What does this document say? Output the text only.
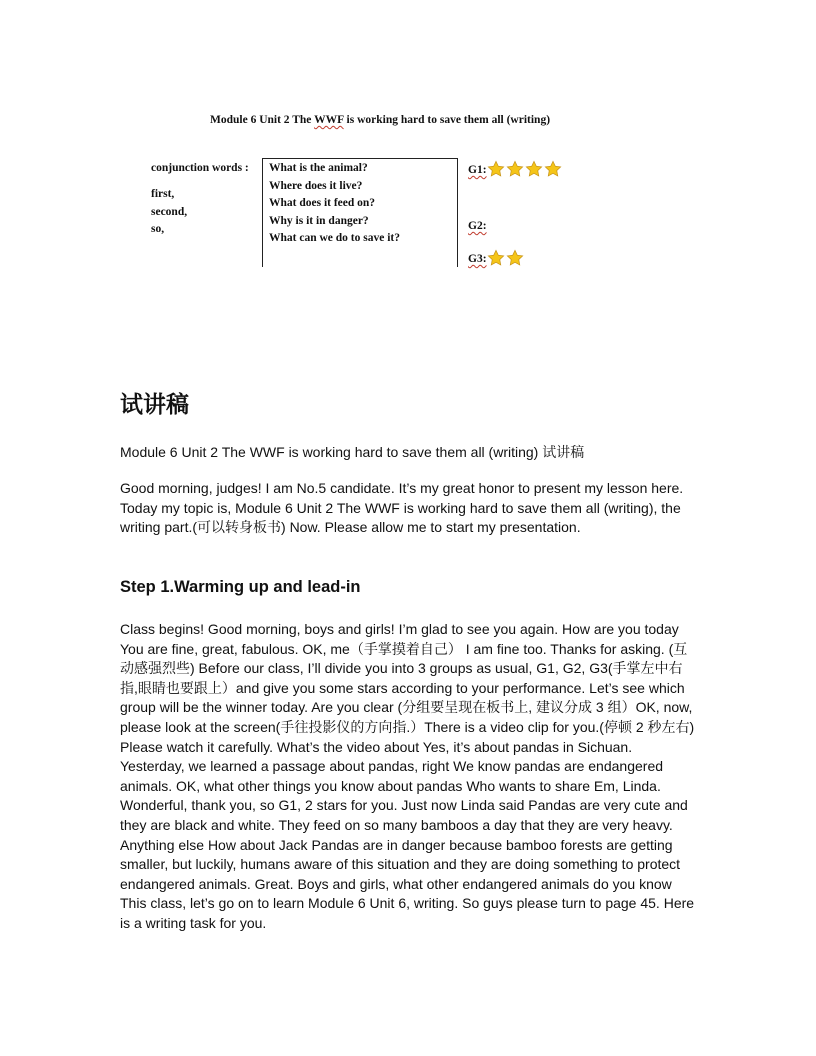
Module 6 Unit 2 The WWF is working hard to save them all (writing)
conjunction words :
first,
second,
so,
What is the animal?
Where does it live?
What does it feed on?
Why is it in danger?
What can we do to save it?
G1:
G2:
G3:
试讲稿
Module 6 Unit 2 The WWF is working hard to save them all (writing) 试讲稿
Good morning, judges! I am No.5 candidate. It’s my great honor to present my lesson here. Today my topic is, Module 6 Unit 2 The WWF is working hard to save them all (writing), the writing part.(可以转身板书) Now. Please allow me to start my presentation.
Step 1.Warming up and lead-in
Class begins! Good morning, boys and girls! I’m glad to see you again. How are you today You are fine, great, fabulous. OK, me（手掌摸着自己） I am fine too. Thanks for asking. (互动感强烈些) Before our class, I’ll divide you into 3 groups as usual, G1, G2, G3(手掌左中右指,眼睛也要跟上）and give you some stars according to your performance. Let’s see which group will be the winner today. Are you clear (分组要呈现在板书上, 建议分成 3 组）OK, now, please look at the screen(手往投影仪的方向指.）There is a video clip for you.(停顿 2 秒左右) Please watch it carefully. What’s the video about Yes, it’s about pandas in Sichuan. Yesterday, we learned a passage about pandas, right We know pandas are endangered animals. OK, what other things you know about pandas Who wants to share Em, Linda. Wonderful, thank you, so G1, 2 stars for you. Just now Linda said Pandas are very cute and they are black and white. They feed on so many bamboos a day that they are very heavy. Anything else How about Jack Pandas are in danger because bamboo forests are getting smaller, but luckily, humans aware of this situation and they are doing something to protect endangered animals. Great. Boys and girls, what other endangered animals do you know This class, let’s go on to learn Module 6 Unit 6, writing. So guys please turn to page 45. Here is a writing task for you.
